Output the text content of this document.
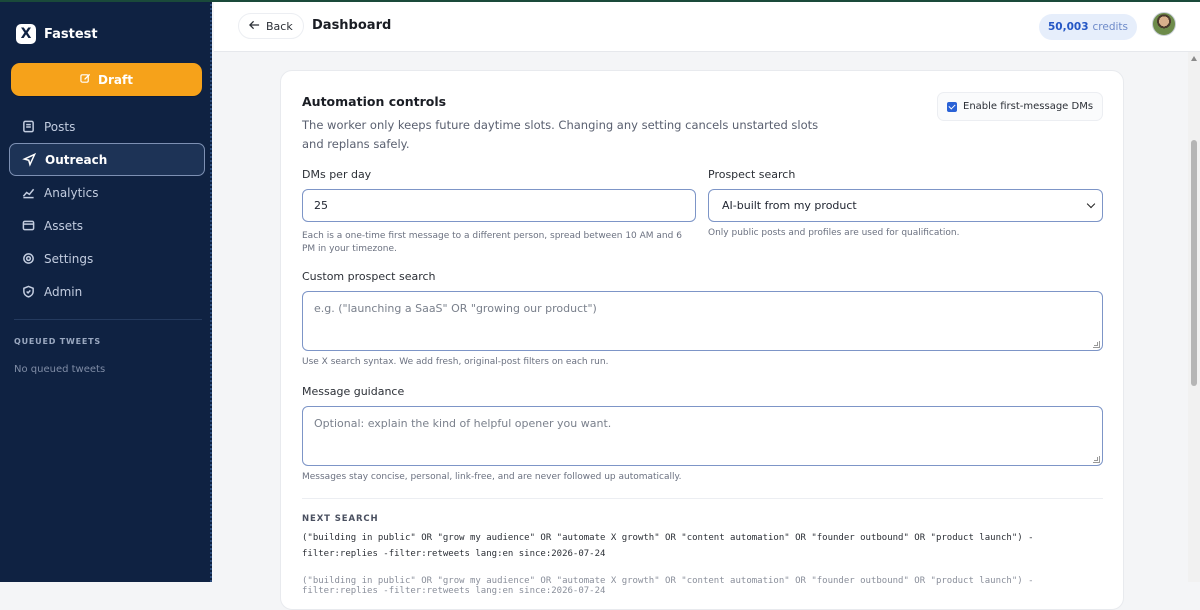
X Fastest
Draft
Posts
Outreach
Analytics
Assets
Settings
Admin
QUEUED TWEETS
No queued tweets
Back Dashboard	50,003 credits
Automation controls
The worker only keeps future daytime slots. Changing any setting cancels unstarted slots and replans safely.
Enable first-message DMs
DMs per day
25
Each is a one-time first message to a different person, spread between 10 AM and 6 PM in your timezone.
Prospect search
AI-built from my product
Only public posts and profiles are used for qualification.
Custom prospect search
e.g. ("launching a SaaS" OR "growing our product")
Use X search syntax. We add fresh, original-post filters on each run.
Message guidance
Optional: explain the kind of helpful opener you want.
Messages stay concise, personal, link-free, and are never followed up automatically.
NEXT SEARCH
("building in public" OR "grow my audience" OR "automate X growth" OR "content automation" OR "founder outbound" OR "product launch") -filter:replies -filter:retweets lang:en since:2026-07-24
("building in public" OR "grow my audience" OR "automate X growth" OR "content automation" OR "founder outbound" OR "product launch") -filter:replies -filter:retweets lang:en since:2026-07-24
